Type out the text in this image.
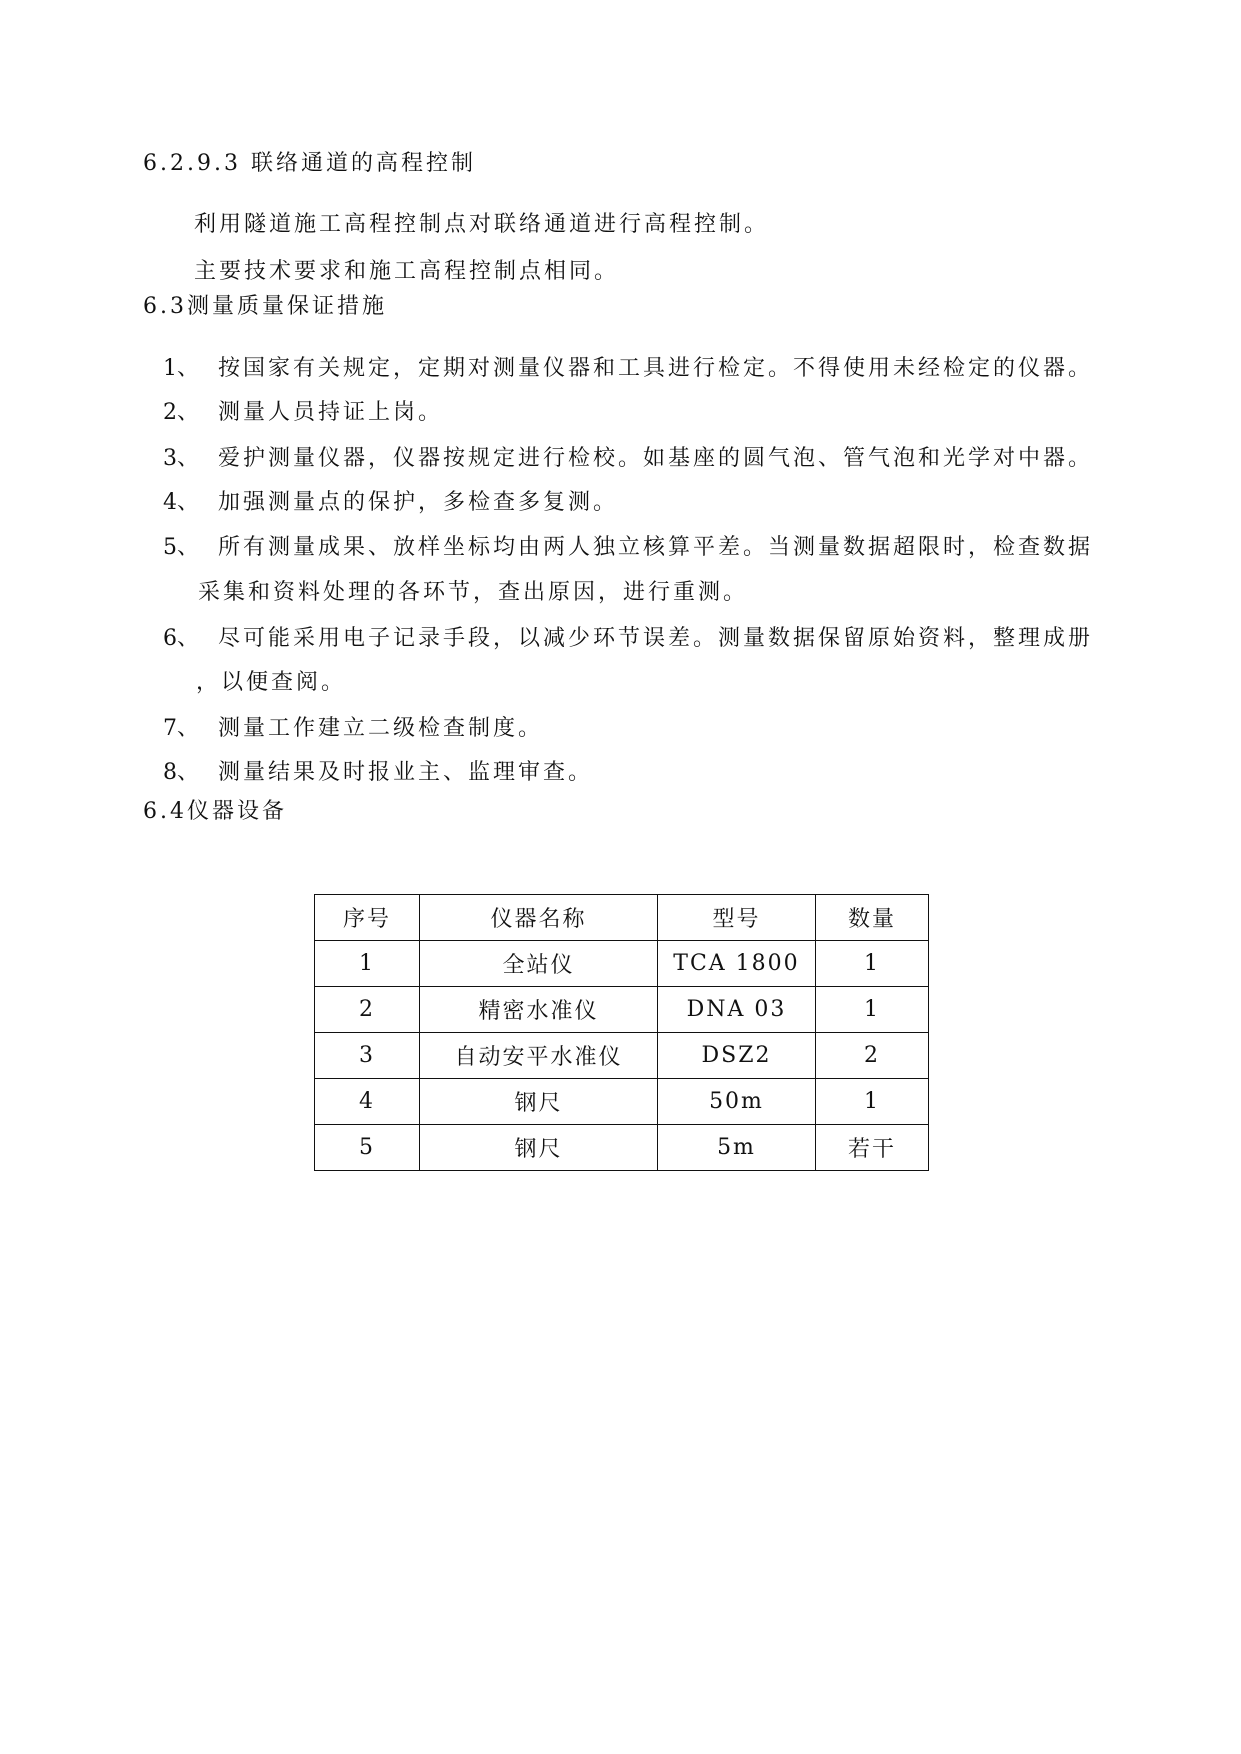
6.2.9.3 联络通道的高程控制
利用隧道施工高程控制点对联络通道进行高程控制。
主要技术要求和施工高程控制点相同。
6.3测量质量保证措施
1、 按国家有关规定，定期对测量仪器和工具进行检定。不得使用未经检定的仪器。
2、 测量人员持证上岗。
3、 爱护测量仪器，仪器按规定进行检校。如基座的圆气泡、管气泡和光学对中器。
4、 加强测量点的保护，多检查多复测。
5、 所有测量成果、放样坐标均由两人独立核算平差。当测量数据超限时，检查数据
采集和资料处理的各环节，查出原因，进行重测。
6、 尽可能采用电子记录手段，以减少环节误差。测量数据保留原始资料，整理成册
，以便查阅。
7、 测量工作建立二级检查制度。
8、 测量结果及时报业主、监理审查。
6.4仪器设备
序号	仪器名称	型号	数量
1	全站仪	TCA 1800	1
2	精密水准仪	DNA 03	1
3	自动安平水准仪	DSZ2	2
4	钢尺	50m	1
5	钢尺	5m	若干
